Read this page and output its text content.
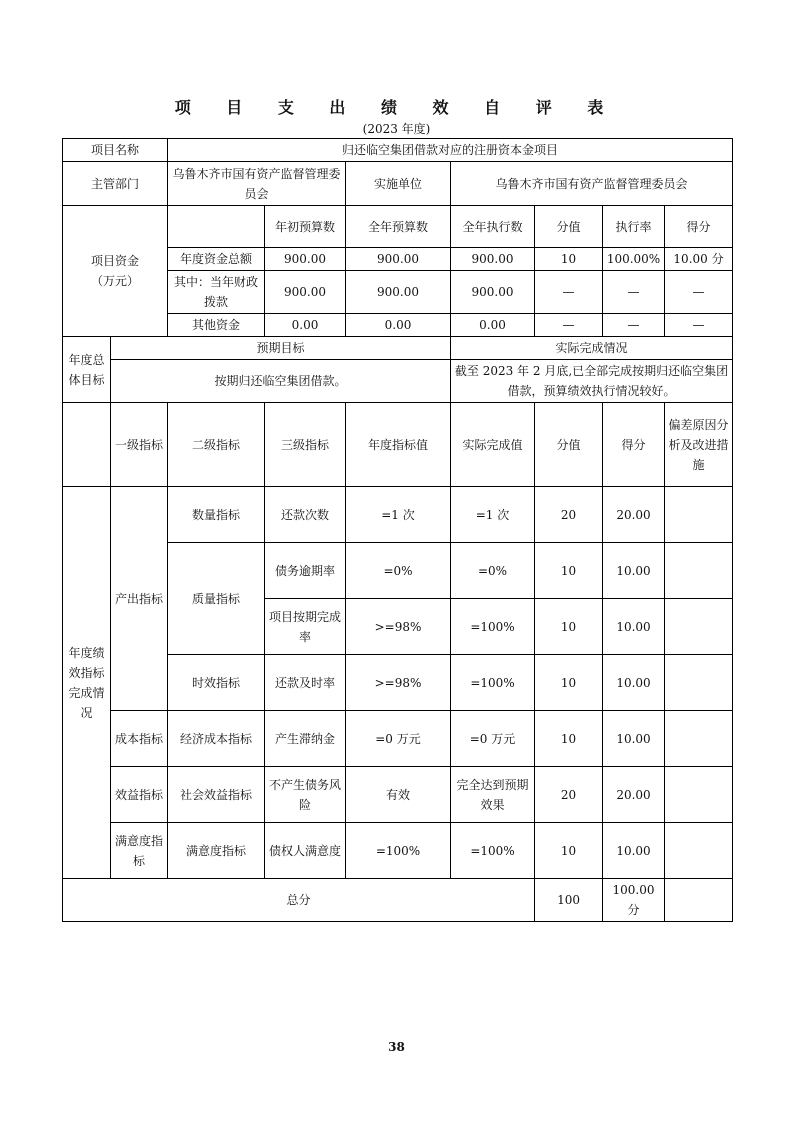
项 目 支 出 绩 效 自 评 表
(2023 年度)
项目名称		归还临空集团借款对应的注册资本金项目						
主管部门		乌鲁木齐市国有资产监督管理委员会		实施单位	乌鲁木齐市国有资产监督管理委员会			
项目资金
（万元）			年初预算数	全年预算数	全年执行数	分值	执行率	得分
		年度资金总额	900.00	900.00	900.00	10	100.00%	10.00 分
		其中：当年财政拨款	900.00	900.00	900.00	—	—	—
		其他资金	0.00	0.00	0.00	—	—	—
年度总体目标	预期目标				实际完成情况			
	按期归还临空集团借款。				截至 2023 年 2 月底,已全部完成按期归还临空集团借款，预算绩效执行情况较好。			
	一级指标	二级指标	三级指标	年度指标值	实际完成值	分值	得分	偏差原因分析及改进措施
年度绩效指标完成情况	产出指标	数量指标	还款次数	=1 次	=1 次	20	20.00	
		质量指标	债务逾期率	=0%	=0%	10	10.00	
			项目按期完成率	>=98%	=100%	10	10.00	
		时效指标	还款及时率	>=98%	=100%	10	10.00	
	成本指标	经济成本指标	产生滞纳金	=0 万元	=0 万元	10	10.00	
	效益指标	社会效益指标	不产生债务风险	有效	完全达到预期效果	20	20.00	
	满意度指标	满意度指标	债权人满意度	=100%	=100%	10	10.00	
总分						100	100.00 分	
38
